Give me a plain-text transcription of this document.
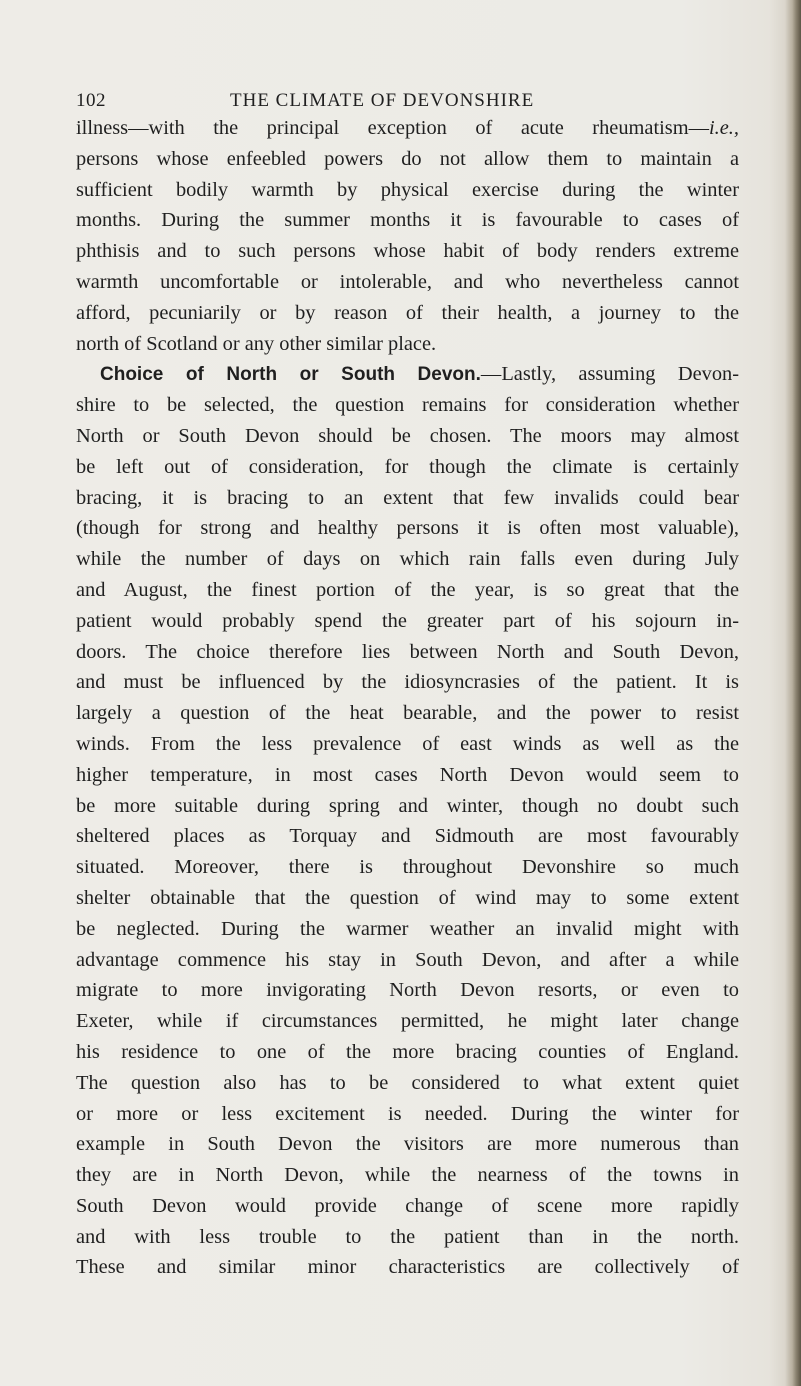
102	THE CLIMATE OF DEVONSHIRE
illness—with the principal exception of acute rheumatism—i.e.,
persons whose enfeebled powers do not allow them to maintain a
sufficient bodily warmth by physical exercise during the winter
months. During the summer months it is favourable to cases of
phthisis and to such persons whose habit of body renders extreme
warmth uncomfortable or intolerable, and who nevertheless cannot
afford, pecuniarily or by reason of their health, a journey to the
north of Scotland or any other similar place.
Choice of North or South Devon.—Lastly, assuming Devon-
shire to be selected, the question remains for consideration whether
North or South Devon should be chosen. The moors may almost
be left out of consideration, for though the climate is certainly
bracing, it is bracing to an extent that few invalids could bear
(though for strong and healthy persons it is often most valuable),
while the number of days on which rain falls even during July
and August, the finest portion of the year, is so great that the
patient would probably spend the greater part of his sojourn in-
doors. The choice therefore lies between North and South Devon,
and must be influenced by the idiosyncrasies of the patient. It is
largely a question of the heat bearable, and the power to resist
winds. From the less prevalence of east winds as well as the
higher temperature, in most cases North Devon would seem to
be more suitable during spring and winter, though no doubt such
sheltered places as Torquay and Sidmouth are most favourably
situated. Moreover, there is throughout Devonshire so much
shelter obtainable that the question of wind may to some extent
be neglected. During the warmer weather an invalid might with
advantage commence his stay in South Devon, and after a while
migrate to more invigorating North Devon resorts, or even to
Exeter, while if circumstances permitted, he might later change
his residence to one of the more bracing counties of England.
The question also has to be considered to what extent quiet
or more or less excitement is needed. During the winter for
example in South Devon the visitors are more numerous than
they are in North Devon, while the nearness of the towns in
South Devon would provide change of scene more rapidly
and with less trouble to the patient than in the north.
These and similar minor characteristics are collectively of
